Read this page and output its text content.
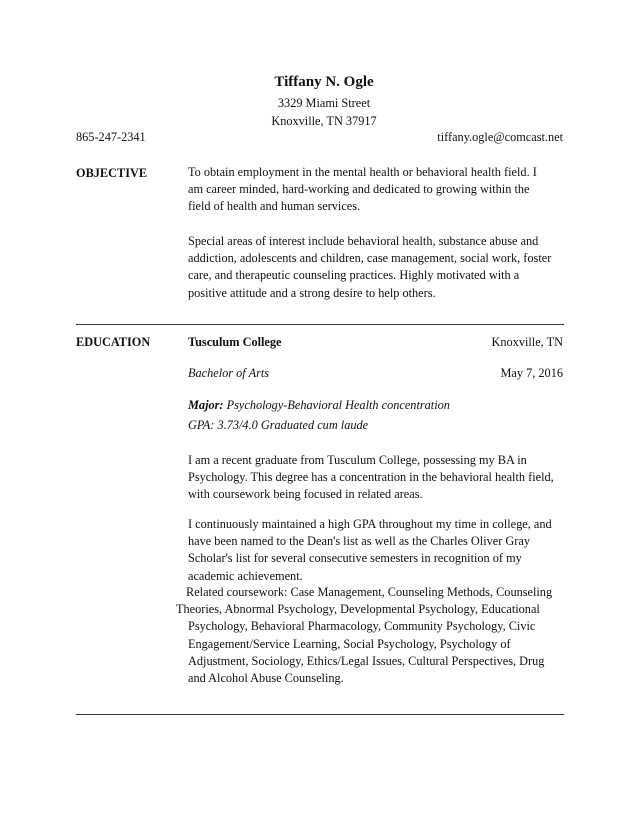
Tiffany N. Ogle
3329 Miami Street
Knoxville, TN 37917
865-247-2341	tiffany.ogle@comcast.net
OBJECTIVE	To obtain employment in the mental health or behavioral health field. I
am career minded, hard-working and dedicated to growing within the
field of health and human services.
Special areas of interest include behavioral health, substance abuse and
addiction, adolescents and children, case management, social work, foster
care, and therapeutic counseling practices. Highly motivated with a
positive attitude and a strong desire to help others.
EDUCATION	Tusculum College	Knoxville, TN
Bachelor of Arts	May 7, 2016
Major: Psychology-Behavioral Health concentration
GPA: 3.73/4.0 Graduated cum laude
I am a recent graduate from Tusculum College, possessing my BA in
Psychology. This degree has a concentration in the behavioral health field,
with coursework being focused in related areas.
I continuously maintained a high GPA throughout my time in college, and
have been named to the Dean's list as well as the Charles Oliver Gray
Scholar's list for several consecutive semesters in recognition of my
academic achievement.
Related coursework: Case Management, Counseling Methods, Counseling
Theories, Abnormal Psychology, Developmental Psychology, Educational
Psychology, Behavioral Pharmacology, Community Psychology, Civic
Engagement/Service Learning, Social Psychology, Psychology of
Adjustment, Sociology, Ethics/Legal Issues, Cultural Perspectives, Drug
and Alcohol Abuse Counseling.
